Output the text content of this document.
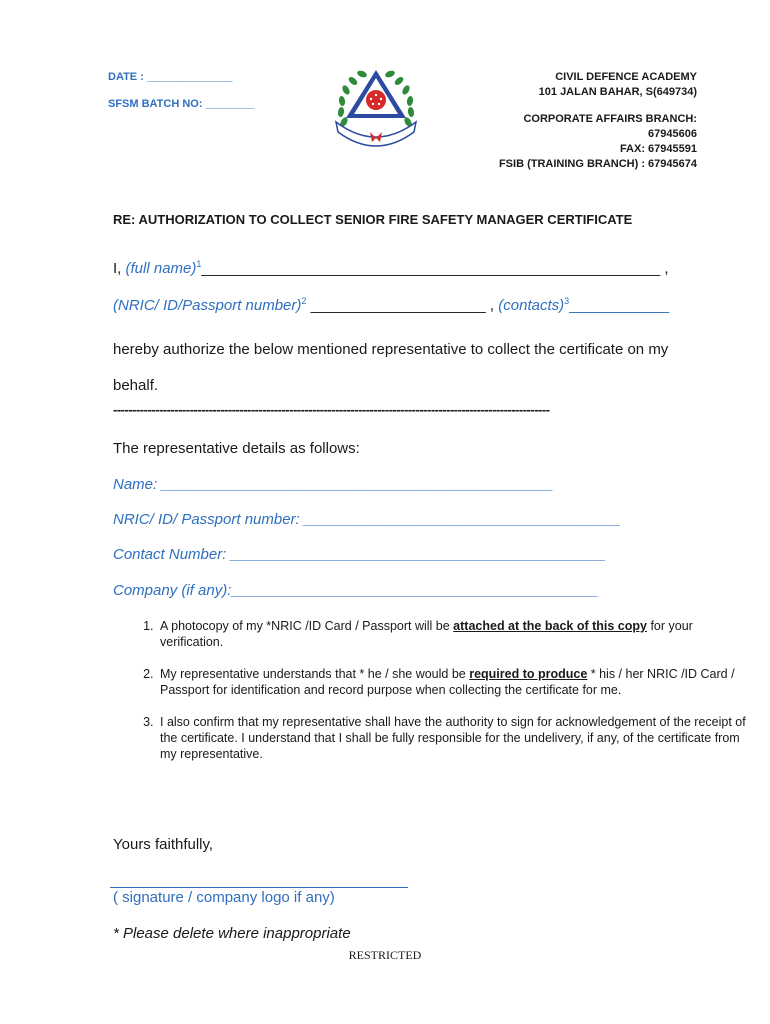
DATE : ______________
SFSM BATCH NO: ________
CIVIL DEFENCE ACADEMY
101 JALAN BAHAR, S(649734)
CORPORATE AFFAIRS BRANCH:
67945606
FAX: 67945591
FSIB (TRAINING BRANCH) : 67945674
RE: AUTHORIZATION TO COLLECT SENIOR FIRE SAFETY MANAGER CERTIFICATE
I, (full name)$^1$_______________________________________________________ ,
(NRIC/ ID/Passport number)$^2$ _____________________ , (contacts)$^3$____________
hereby authorize the below mentioned representative to collect the certificate on my behalf.
------------------------------------------------------------------------------------------------------------------
The representative details as follows:
Name: _______________________________________________
NRIC/ ID/ Passport number: ______________________________________
Contact Number: _____________________________________________
Company (if any):____________________________________________
1. A photocopy of my *NRIC /ID Card / Passport will be attached at the back of this copy for your verification.
2. My representative understands that * he / she would be required to produce * his / her NRIC /ID Card / Passport for identification and record purpose when collecting the certificate for me.
3. I also confirm that my representative shall have the authority to sign for acknowledgement of the receipt of the certificate. I understand that I shall be fully responsible for the undelivery, if any, of the certificate from my representative.
Yours faithfully,
( signature / company logo if any)
* Please delete where inappropriate
RESTRICTED
